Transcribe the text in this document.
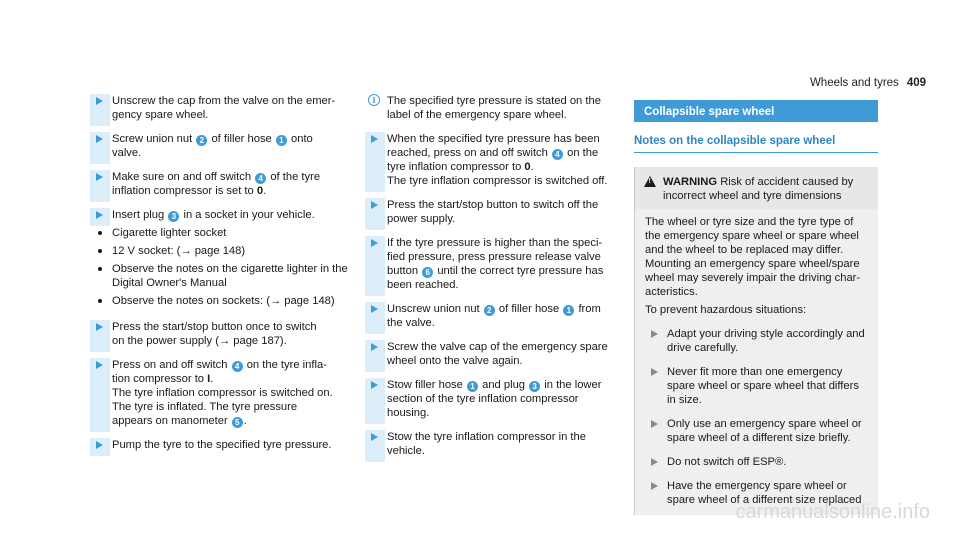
Wheels and tyres 409
Unscrew the cap from the valve on the emer-
gency spare wheel.
Screw union nut 2 of filler hose 1 onto
valve.
Make sure on and off switch 4 of the tyre
inflation compressor is set to 0.
Insert plug 3 in a socket in your vehicle.
Cigarette lighter socket
12 V socket: (→ page 148)
Observe the notes on the cigarette lighter in the Digital Owner's Manual
Observe the notes on sockets: (→ page 148)
Press the start/stop button once to switch
on the power supply (→ page 187).
Press on and off switch 4 on the tyre infla-
tion compressor to I.
The tyre inflation compressor is switched on.
The tyre is inflated. The tyre pressure
appears on manometer 5 .
Pump the tyre to the specified tyre pressure.
i	The specified tyre pressure is stated on the
label of the emergency spare wheel.
When the specified tyre pressure has been
reached, press on and off switch 4 on the
tyre inflation compressor to 0.
The tyre inflation compressor is switched off.
Press the start/stop button to switch off the
power supply.
If the tyre pressure is higher than the speci-
fied pressure, press pressure release valve
button 6 until the correct tyre pressure has
been reached.
Unscrew union nut 2 of filler hose 1 from
the valve.
Screw the valve cap of the emergency spare
wheel onto the valve again.
Stow filler hose 1 and plug 3 in the lower
section of the tyre inflation compressor
housing.
Stow the tyre inflation compressor in the
vehicle.
Collapsible spare wheel
Notes on the collapsible spare wheel
!
WARNING Risk of accident caused by
incorrect wheel and tyre dimensions

The wheel or tyre size and the tyre type of
the emergency spare wheel or spare wheel
and the wheel to be replaced may differ.
Mounting an emergency spare wheel/spare
wheel may severely impair the driving char-
acteristics.

To prevent hazardous situations:

Adapt your driving style accordingly and
drive carefully.
Never fit more than one emergency
spare wheel or spare wheel that differs
in size.
Only use an emergency spare wheel or
spare wheel of a different size briefly.
Do not switch off ESP®.
Have the emergency spare wheel or
spare wheel of a different size replaced
carmanualsonline.info
